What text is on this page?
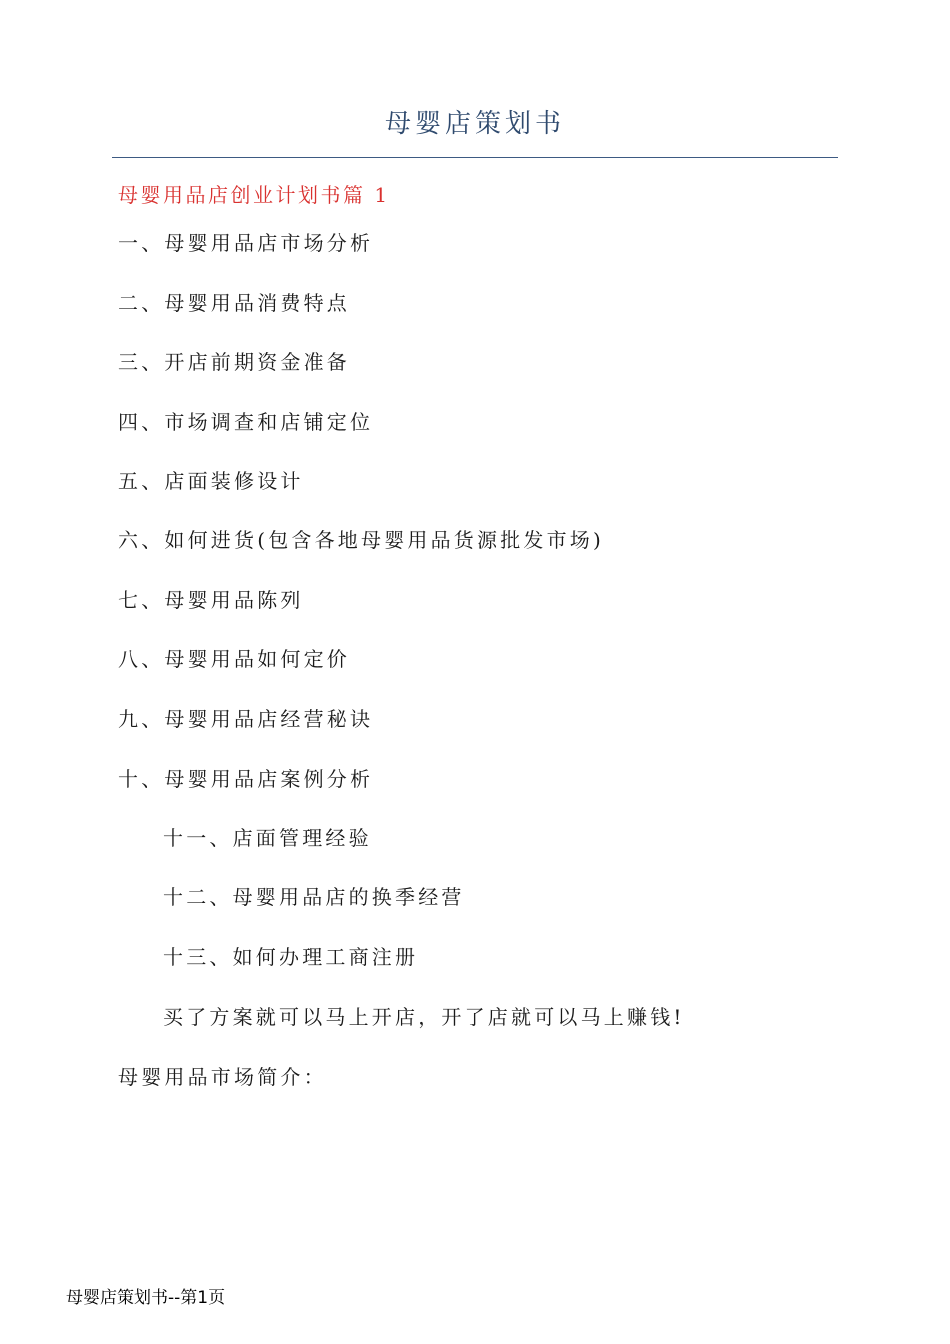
母婴店策划书
母婴用品店创业计划书篇 1
一、母婴用品店市场分析
二、母婴用品消费特点
三、开店前期资金准备
四、市场调查和店铺定位
五、店面装修设计
六、如何进货(包含各地母婴用品货源批发市场)
七、母婴用品陈列
八、母婴用品如何定价
九、母婴用品店经营秘诀
十、母婴用品店案例分析
十一、店面管理经验
十二、母婴用品店的换季经营
十三、如何办理工商注册
买了方案就可以马上开店，开了店就可以马上赚钱!
母婴用品市场简介：
母婴店策划书--第1页
